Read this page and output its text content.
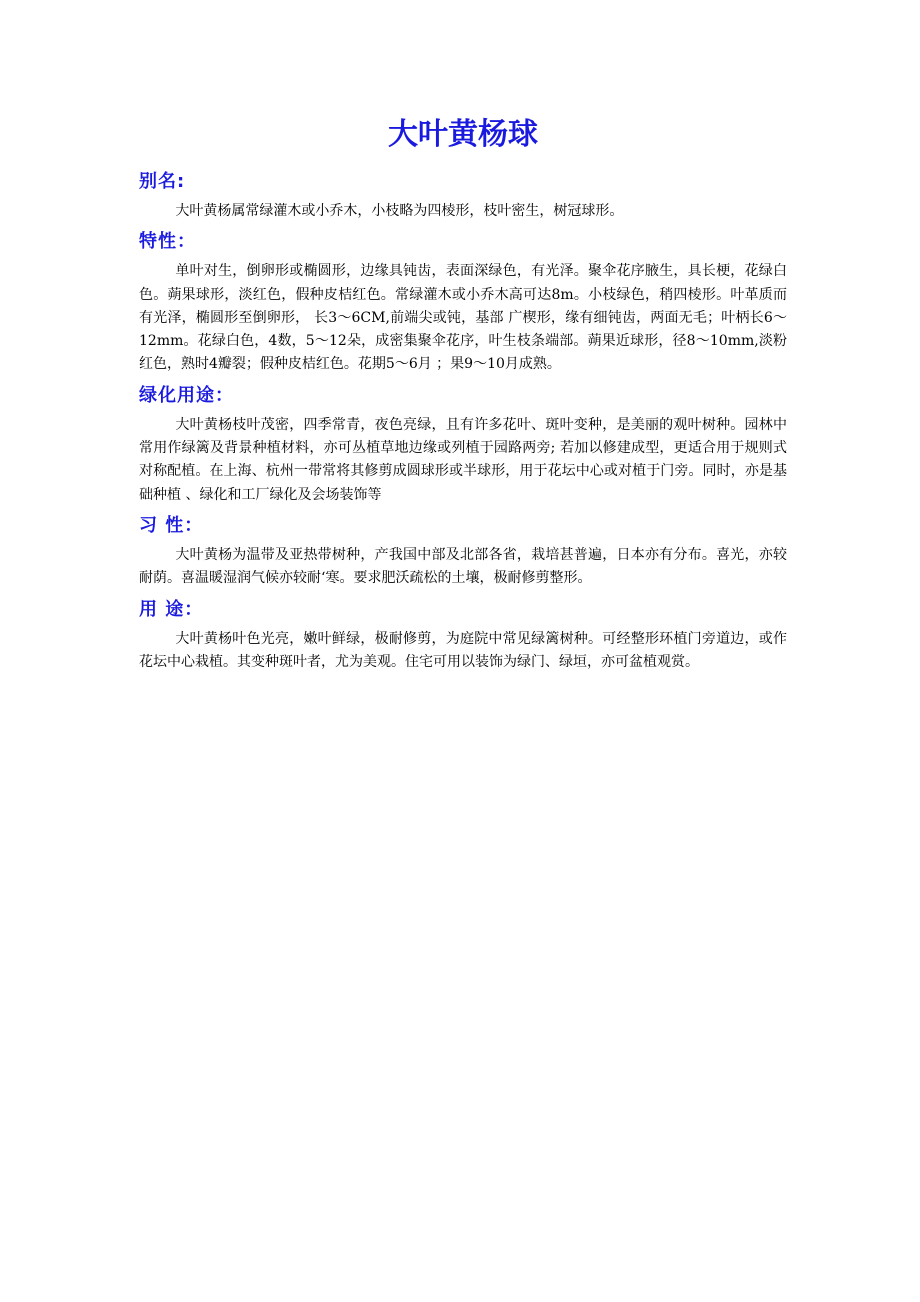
大叶黄杨球
别名:

大叶黄杨属常绿灌木或小乔木，小枝略为四棱形，枝叶密生，树冠球形。

特性：

单叶对生，倒卵形或椭圆形，边缘具钝齿，表面深绿色，有光泽。聚伞花序腋生，具长梗，花绿白色。蒴果球形，淡红色，假种皮桔红色。常绿灌木或小乔木高可达8m。小枝绿色，稍四棱形。叶革质而有光泽，椭圆形至倒卵形， 长3～6CM,前端尖或钝，基部 广楔形，缘有细钝齿，两面无毛；叶柄长6～12mm。花绿白色，4数，5～12朵，成密集聚伞花序，叶生枝条端部。蒴果近球形，径8～10mm,淡粉红色，熟时4瓣裂；假种皮桔红色。花期5～6月 ；果9～10月成熟。

绿化用途：

大叶黄杨枝叶茂密，四季常青，夜色亮绿，且有许多花叶、斑叶变种，是美丽的观叶树种。园林中常用作绿篱及背景种植材料，亦可丛植草地边缘或列植于园路两旁; 若加以修建成型，更适合用于规则式对称配植。在上海、杭州一带常将其修剪成圆球形或半球形，用于花坛中心或对植于门旁。同时，亦是基础种植 、绿化和工厂绿化及会场装饰等

习 性：

大叶黄杨为温带及亚热带树种，产我国中部及北部各省，栽培甚普遍，日本亦有分布。喜光，亦较耐荫。喜温暖湿润气候亦较耐‘寒。要求肥沃疏松的土壤，极耐修剪整形。

用 途：

大叶黄杨叶色光亮，嫩叶鲜绿，极耐修剪，为庭院中常见绿篱树种。可经整形环植门旁道边，或作花坛中心栽植。其变种斑叶者，尤为美观。住宅可用以装饰为绿门、绿垣，亦可盆植观赏。
